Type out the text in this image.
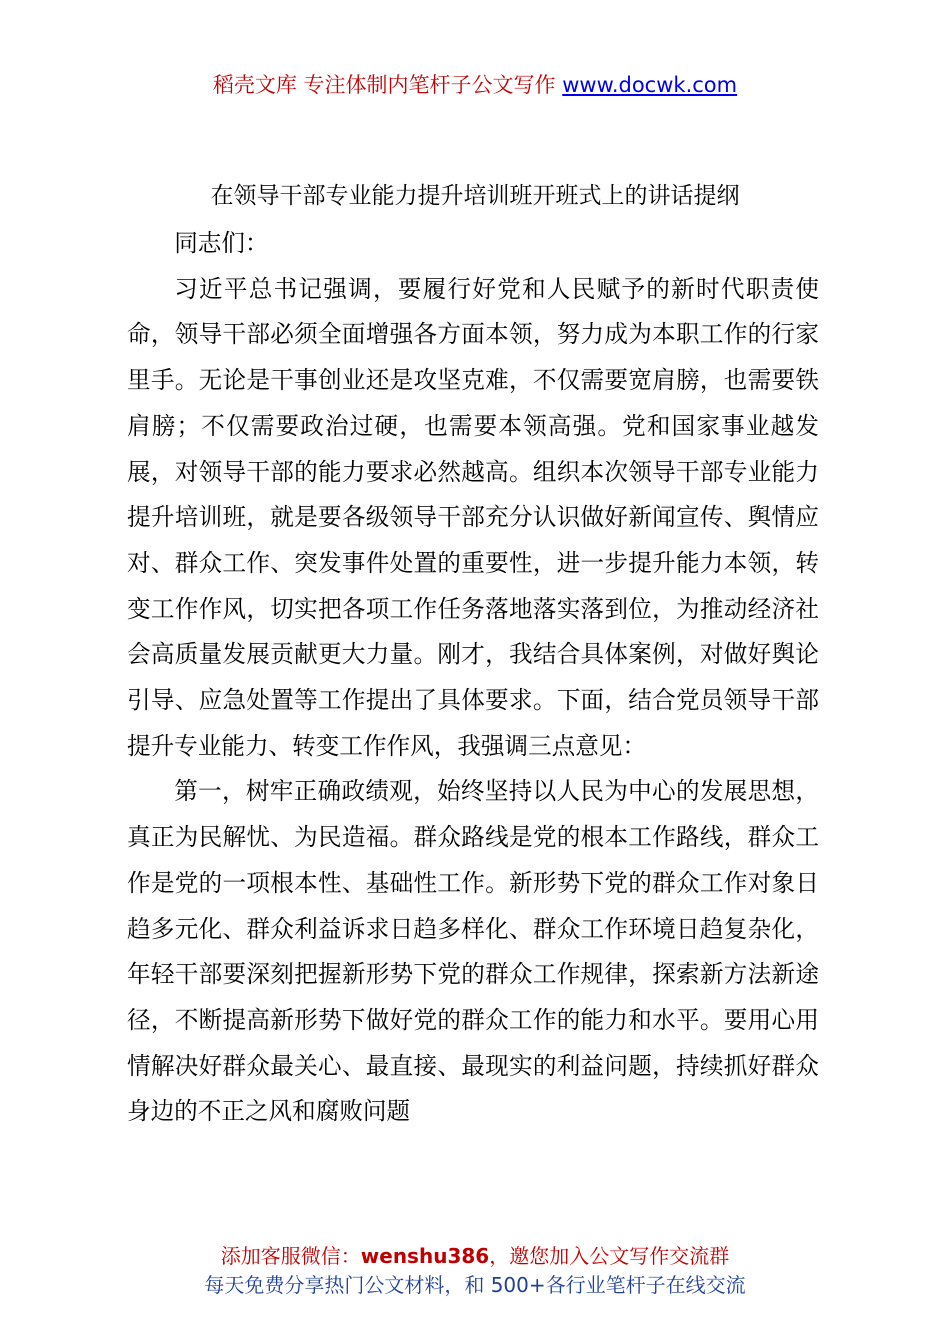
稻壳文库 专注体制内笔杆子公文写作 www.docwk.com
在领导干部专业能力提升培训班开班式上的讲话提纲

同志们：

习近平总书记强调，要履行好党和人民赋予的新时代职责使命，领导干部必须全面增强各方面本领，努力成为本职工作的行家里手。无论是干事创业还是攻坚克难，不仅需要宽肩膀，也需要铁肩膀；不仅需要政治过硬，也需要本领高强。党和国家事业越发展，对领导干部的能力要求必然越高。组织本次领导干部专业能力提升培训班，就是要各级领导干部充分认识做好新闻宣传、舆情应对、群众工作、突发事件处置的重要性，进一步提升能力本领，转变工作作风，切实把各项工作任务落地落实落到位，为推动经济社会高质量发展贡献更大力量。刚才，我结合具体案例，对做好舆论引导、应急处置等工作提出了具体要求。下面，结合党员领导干部提升专业能力、转变工作作风，我强调三点意见：

第一，树牢正确政绩观，始终坚持以人民为中心的发展思想，真正为民解忧、为民造福。群众路线是党的根本工作路线，群众工作是党的一项根本性、基础性工作。新形势下党的群众工作对象日趋多元化、群众利益诉求日趋多样化、群众工作环境日趋复杂化，年轻干部要深刻把握新形势下党的群众工作规律，探索新方法新途径，不断提高新形势下做好党的群众工作的能力和水平。要用心用情解决好群众最关心、最直接、最现实的利益问题，持续抓好群众身边的不正之风和腐败问题

添加客服微信：wenshu386，邀您加入公文写作交流群
每天免费分享热门公文材料，和 500+各行业笔杆子在线交流
